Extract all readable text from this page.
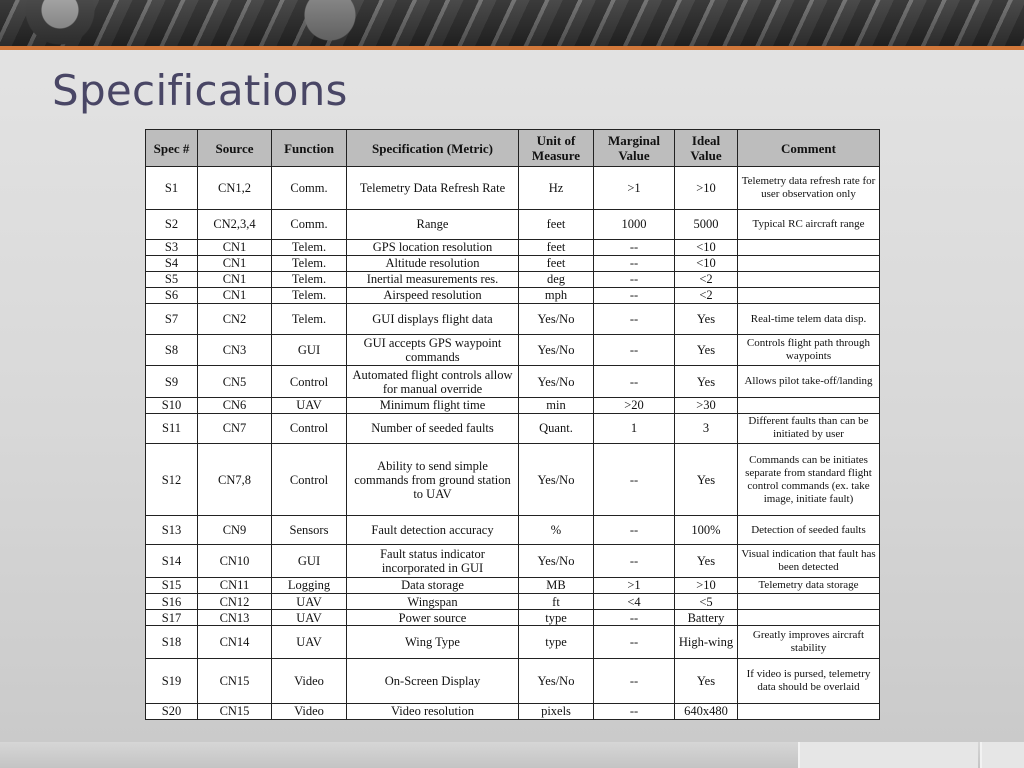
Specifications
Spec #	Source	Function	Specification (Metric)	Unit of Measure	Marginal Value	Ideal Value	Comment
S1	CN1,2	Comm.	Telemetry Data Refresh Rate	Hz	>1	>10	Telemetry data refresh rate for user observation only
S2	CN2,3,4	Comm.	Range	feet	1000	5000	Typical RC aircraft range
S3	CN1	Telem.	GPS location resolution	feet	--	<10	
S4	CN1	Telem.	Altitude resolution	feet	--	<10	
S5	CN1	Telem.	Inertial measurements res.	deg	--	<2	
S6	CN1	Telem.	Airspeed resolution	mph	--	<2	
S7	CN2	Telem.	GUI displays flight data	Yes/No	--	Yes	Real-time telem data disp.
S8	CN3	GUI	GUI accepts GPS waypoint commands	Yes/No	--	Yes	Controls flight path through waypoints
S9	CN5	Control	Automated flight controls allow for manual override	Yes/No	--	Yes	Allows pilot take-off/landing
S10	CN6	UAV	Minimum flight time	min	>20	>30	
S11	CN7	Control	Number of seeded faults	Quant.	1	3	Different faults than can be initiated by user
S12	CN7,8	Control	Ability to send simple commands from ground station to UAV	Yes/No	--	Yes	Commands can be initiates separate from standard flight control commands (ex. take image, initiate fault)
S13	CN9	Sensors	Fault detection accuracy	%	--	100%	Detection of seeded faults
S14	CN10	GUI	Fault status indicator incorporated in GUI	Yes/No	--	Yes	Visual indication that fault has been detected
S15	CN11	Logging	Data storage	MB	>1	>10	Telemetry data storage
S16	CN12	UAV	Wingspan	ft	<4	<5	
S17	CN13	UAV	Power source	type	--	Battery	
S18	CN14	UAV	Wing Type	type	--	High-wing	Greatly improves aircraft stability
S19	CN15	Video	On-Screen Display	Yes/No	--	Yes	If video is pursed, telemetry data should be overlaid
S20	CN15	Video	Video resolution	pixels	--	640x480	
